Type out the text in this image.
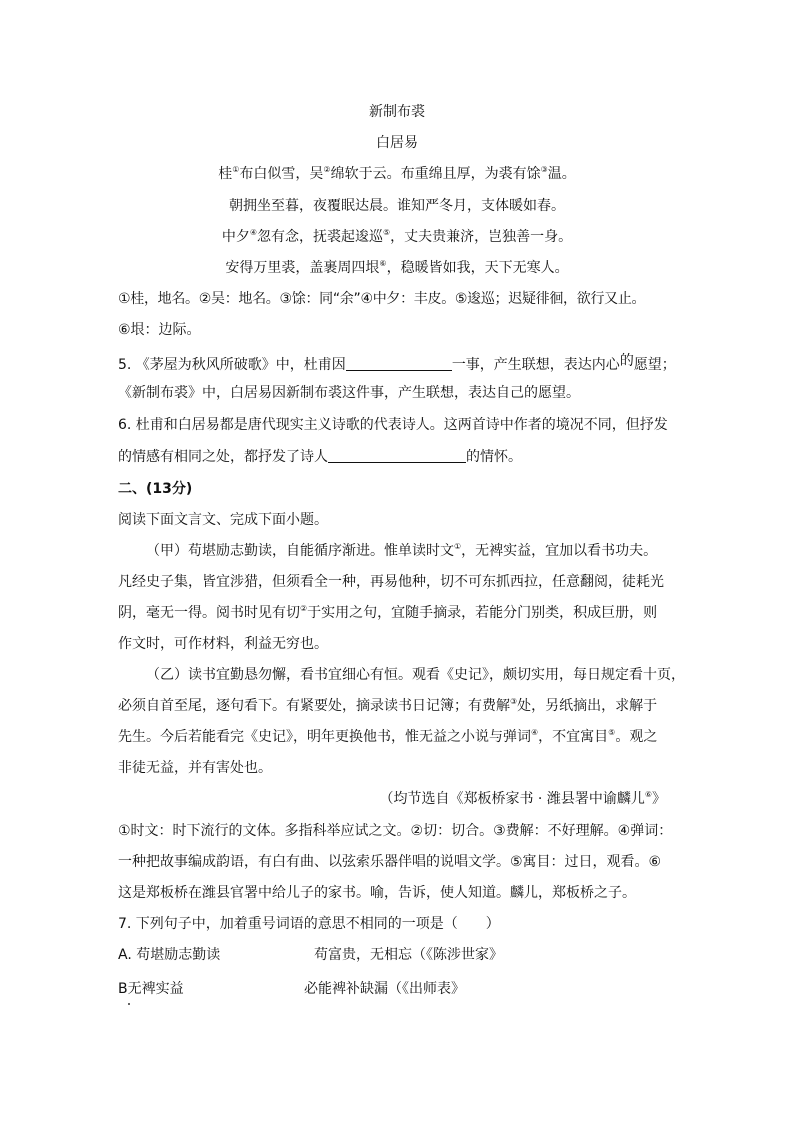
新制布裘
白居易
桂①布白似雪，吴②绵软于云。布重绵且厚，为裘有馀③温。
朝拥坐至暮，夜覆眠达晨。谁知严冬月，支体暖如春。
中夕④忽有念，抚裘起逡巡⑤，丈夫贵兼济，岂独善一身。
安得万里裘，盖裹周四垠⑥，稳暖皆如我，天下无寒人。
①桂，地名。②吴：地名。③馀：同“余”④中夕：丰皮。⑤逡巡；迟疑徘徊，欲行又止。
⑥垠：边际。
5. 《茅屋为秋风所破歌》中，杜甫因	一事，产生联想，表达内心的愿望；
《新制布裘》中，白居易因新制布裘这件事，产生联想，表达自己的愿望。
6. 杜甫和白居易都是唐代现实主义诗歌的代表诗人。这两首诗中作者的境况不同，但抒发
的情感有相同之处，都抒发了诗人	的情怀。
二、(13分)
阅读下面文言文、完成下面小题。
（甲）苟堪励志勤读，自能循序渐进。惟单读时文①，无裨实益，宜加以看书功夫。
凡经史子集，皆宜涉猎，但须看全一种，再易他种，切不可东抓西拉，任意翻阅，徒耗光
阴，毫无一得。阅书时见有切②于实用之句，宜随手摘录，若能分门别类，积成巨册，则
作文时，可作材料，利益无穷也。
（乙）读书宜勤恳勿懈，看书宜细心有恒。观看《史记》，颇切实用，每日规定看十页，
必须自首至尾，逐句看下。有紧要处，摘录读书日记簿；有费解③处，另纸摘出，求解于
先生。今后若能看完《史记》，明年更换他书，惟无益之小说与弹词④，不宜寓目⑤。观之
非徒无益，并有害处也。
（均节选自《郑板桥家书 · 潍县署中谕麟儿⑥》
①时文：时下流行的文体。多指科举应试之文。②切：切合。③费解：不好理解。④弹词：
一种把故事编成韵语，有白有曲、以弦索乐器伴唱的说唱文学。⑤寓目：过日，观看。⑥
这是郑板桥在潍县官署中给儿子的家书。喻，告诉，使人知道。麟儿，郑板桥之子。
7. 下列句子中，加着重号词语的意思不相同的一项是（　　）
A. 苟堪励志勤读	苟富贵，无相忘（《陈涉世家》
B无裨实益	必能裨补缺漏（《出师表》
